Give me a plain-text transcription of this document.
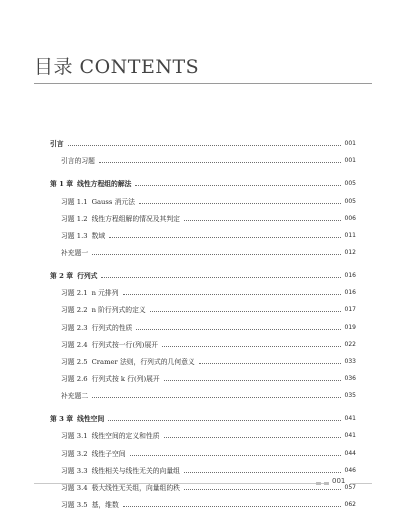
目录 CONTENTS
引言	001
引言的习题	001
第 1 章 线性方程组的解法	005
习题 1.1 Gauss 消元法	005
习题 1.2 线性方程组解的情况及其判定	006
习题 1.3 数域	011
补充题一	012
第 2 章 行列式	016
习题 2.1 n 元排列	016
习题 2.2 n 阶行列式的定义	017
习题 2.3 行列式的性质	019
习题 2.4 行列式按一行(列)展开	022
习题 2.5 Cramer 法则，行列式的几何意义	033
习题 2.6 行列式按 k 行(列)展开	036
补充题二	035
第 3 章 线性空间	041
习题 3.1 线性空间的定义和性质	041
习题 3.2 线性子空间	044
习题 3.3 线性相关与线性无关的向量组	046
习题 3.4 极大线性无关组，向量组的秩	057
习题 3.5 基，维数	062
001
